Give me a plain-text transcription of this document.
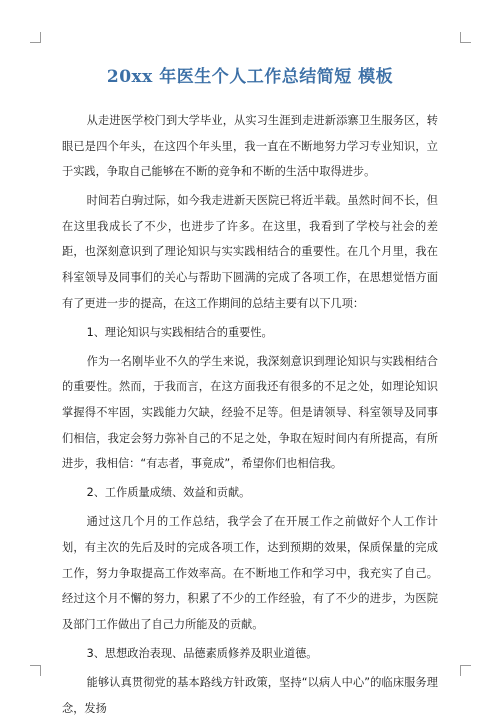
20xx 年医生个人工作总结简短 模板

从走进医学校门到大学毕业，从实习生涯到走进新添寨卫生服务区，转眼已是四个年头，在这四个年头里，我一直在不断地努力学习专业知识，立于实践，争取自己能够在不断的竞争和不断的生活中取得进步。

时间若白驹过际，如今我走进新天医院已将近半载。虽然时间不长，但在这里我成长了不少，也进步了许多。在这里，我看到了学校与社会的差距，也深刻意识到了理论知识与实实践相结合的重要性。在几个月里，我在科室领导及同事们的关心与帮助下圆满的完成了各项工作，在思想觉悟方面有了更进一步的提高，在这工作期间的总结主要有以下几项：

1、理论知识与实践相结合的重要性。

作为一名刚毕业不久的学生来说，我深刻意识到理论知识与实践相结合的重要性。然而，于我而言，在这方面我还有很多的不足之处，如理论知识掌握得不牢固，实践能力欠缺，经验不足等。但是请领导、科室领导及同事们相信，我定会努力弥补自己的不足之处，争取在短时间内有所提高，有所进步，我相信：“有志者，事竟成”，希望你们也相信我。

2、工作质量成绩、效益和贡献。

通过这几个月的工作总结，我学会了在开展工作之前做好个人工作计划，有主次的先后及时的完成各项工作，达到预期的效果，保质保量的完成工作，努力争取提高工作效率高。在不断地工作和学习中，我充实了自己。经过这个月不懈的努力，积累了不少的工作经验，有了不少的进步，为医院及部门工作做出了自己力所能及的贡献。

3、思想政治表现、品德素质修养及职业道德。

能够认真贯彻党的基本路线方针政策，坚持“以病人中心”的临床服务理念，发扬
